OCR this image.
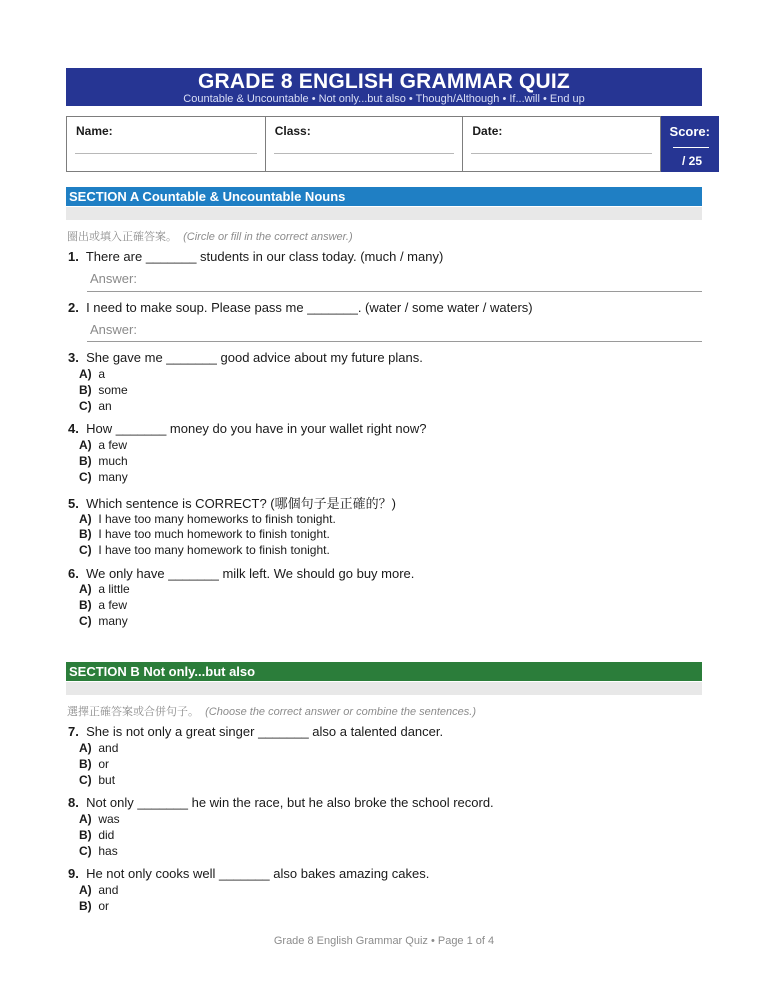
GRADE 8 ENGLISH GRAMMAR QUIZ
Countable & Uncountable • Not only...but also • Though/Although • If...will • End up
Name:	Class:	Date:	Score:
/ 25
SECTION A Countable & Uncountable Nouns
圈出或填入正確答案。 (Circle or fill in the correct answer.)
1. There are _______ students in our class today. (much / many)
Answer:
2. I need to make soup. Please pass me _______. (water / some water / waters)
Answer:
3. She gave me _______ good advice about my future plans.
A) a
B) some
C) an
4. How _______ money do you have in your wallet right now?
A) a few
B) much
C) many
5. Which sentence is CORRECT? (哪個句子是正確的？)
A) I have too many homeworks to finish tonight.
B) I have too much homework to finish tonight.
C) I have too many homework to finish tonight.
6. We only have _______ milk left. We should go buy more.
A) a little
B) a few
C) many
SECTION B Not only...but also
選擇正確答案或合併句子。 (Choose the correct answer or combine the sentences.)
7. She is not only a great singer _______ also a talented dancer.
A) and
B) or
C) but
8. Not only _______ he win the race, but he also broke the school record.
A) was
B) did
C) has
9. He not only cooks well _______ also bakes amazing cakes.
A) and
B) or
Grade 8 English Grammar Quiz • Page 1 of 4
